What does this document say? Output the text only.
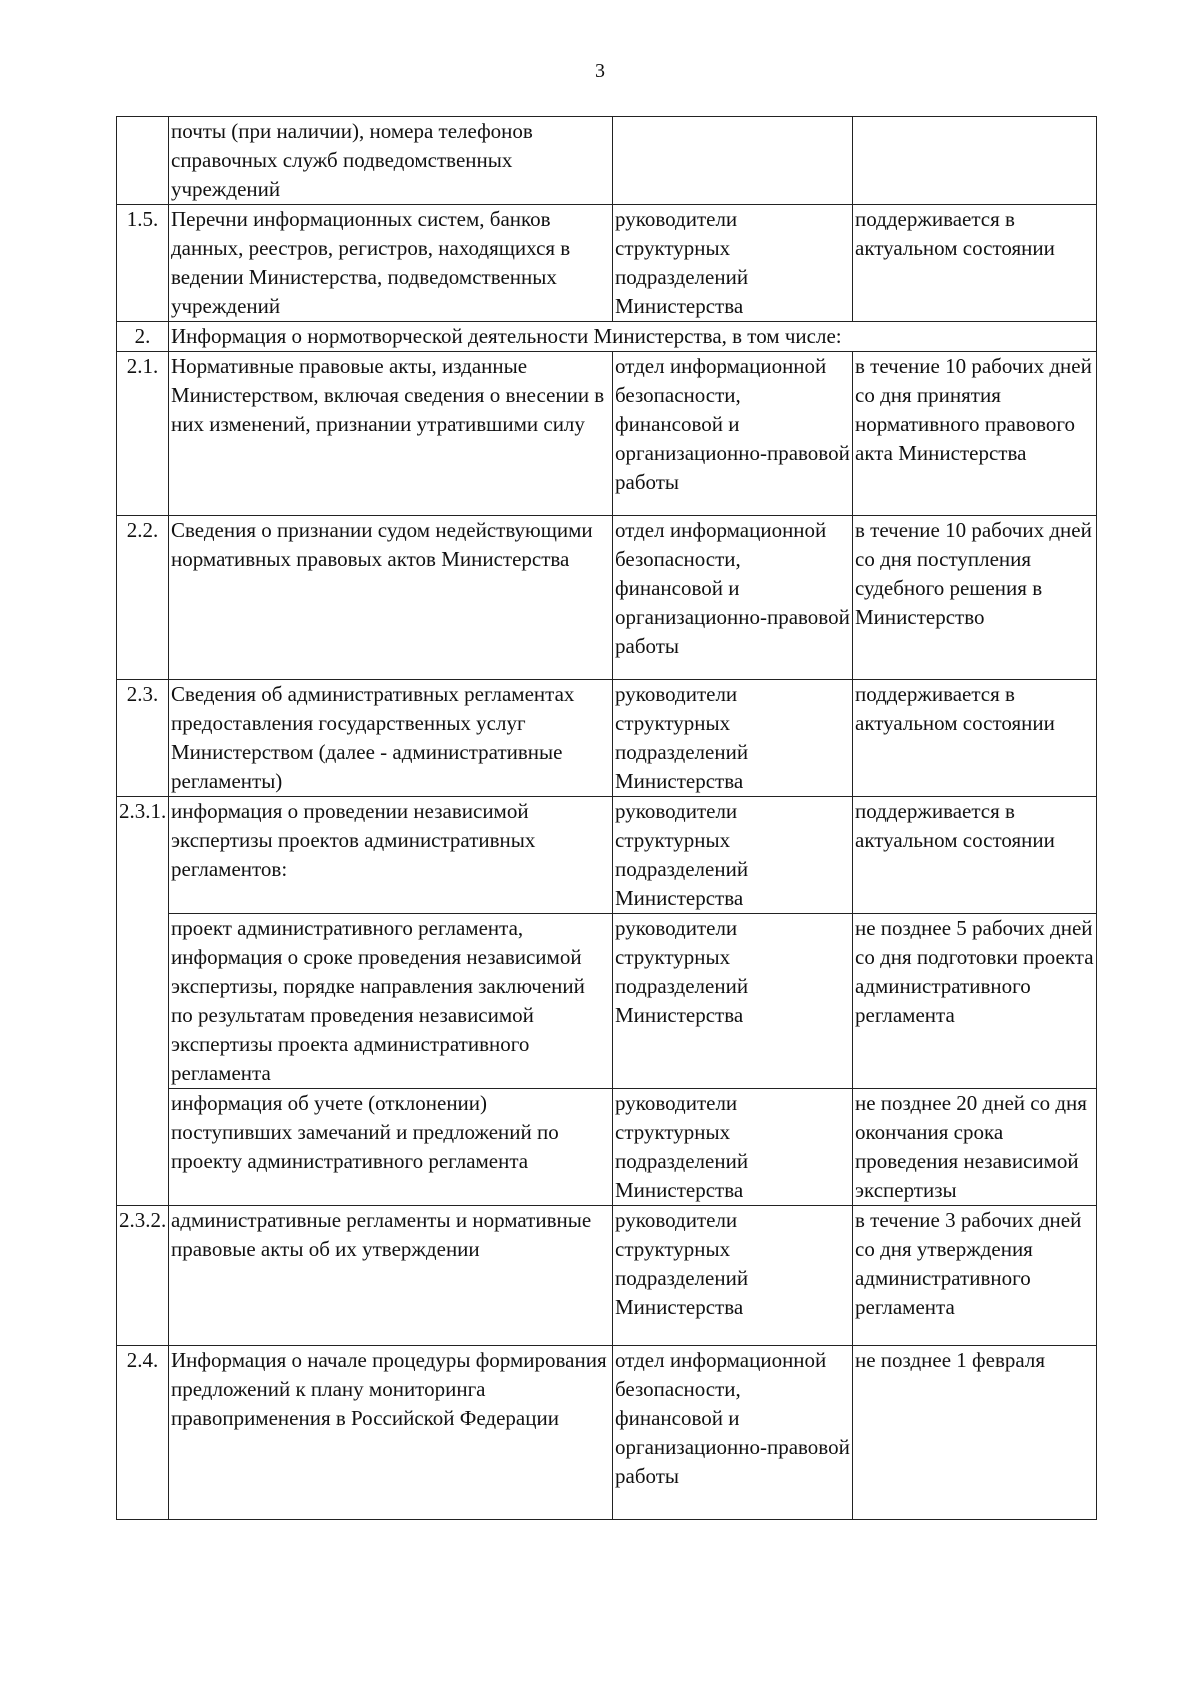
3
	почты (при наличии), номера телефонов справочных служб подведомственных учреждений		
1.5.	Перечни информационных систем, банков данных, реестров, регистров, находящихся в ведении Министерства, подведомственных учреждений	руководители структурных подразделений Министерства	поддерживается в актуальном состоянии
2.	Информация о нормотворческой деятельности Министерства, в том числе:		
2.1.	Нормативные правовые акты, изданные Министерством, включая сведения о внесении в них изменений, признании утратившими силу	отдел информационной безопасности, финансовой и организационно-правовой работы	в течение 10 рабочих дней со дня принятия нормативного правового акта Министерства
2.2.	Сведения о признании судом недействующими нормативных правовых актов Министерства	отдел информационной безопасности, финансовой и организационно-правовой работы	в течение 10 рабочих дней со дня поступления судебного решения в Министерство
2.3.	Сведения об административных регламентах предоставления государственных услуг Министерством (далее - административные регламенты)	руководители структурных подразделений Министерства	поддерживается в актуальном состоянии
2.3.1.	информация о проведении независимой экспертизы проектов административных регламентов:	руководители структурных подразделений Министерства	поддерживается в актуальном состоянии
	проект административного регламента, информация о сроке проведения независимой экспертизы, порядке направления заключений по результатам проведения независимой экспертизы проекта административного регламента	руководители структурных подразделений Министерства	не позднее 5 рабочих дней со дня подготовки проекта административного регламента
	информация об учете (отклонении) поступивших замечаний и предложений по проекту административного регламента	руководители структурных подразделений Министерства	не позднее 20 дней со дня окончания срока проведения независимой экспертизы
2.3.2.	административные регламенты и нормативные правовые акты об их утверждении	руководители структурных подразделений Министерства	в течение 3 рабочих дней со дня утверждения административного регламента
2.4.	Информация о начале процедуры формирования предложений к плану мониторинга правоприменения в Российской Федерации	отдел информационной безопасности, финансовой и организационно-правовой работы	не позднее 1 февраля
